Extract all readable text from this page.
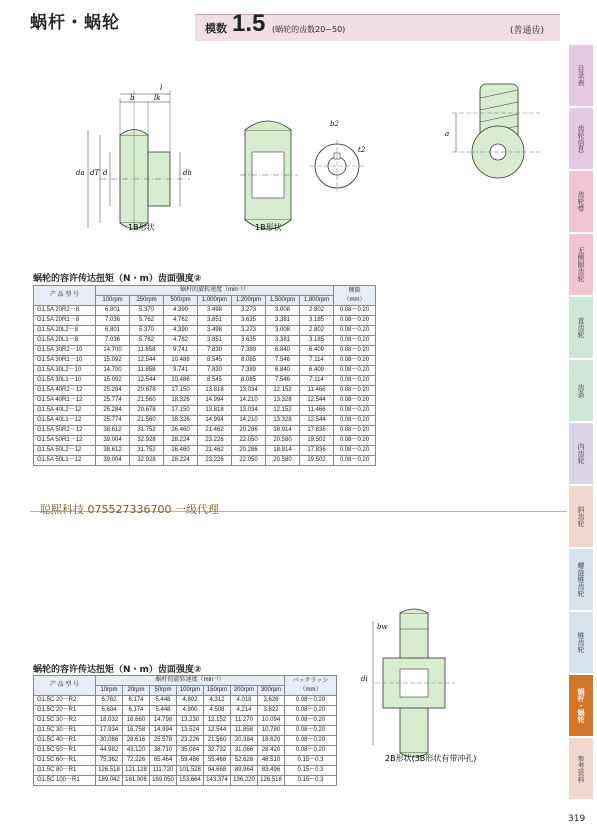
蜗杆・蜗轮	模数 1.5 (蜗轮的齿数20~50)	(普通齿)
目录表
齿轮信息
齿轮带
无侧隙齿轮
直齿轮
齿条
内齿轮
斜齿轮
螺旋锥齿轮
锥齿轮
蜗杆・蜗轮
参考资料
l
b	lk
da dT d	dh
1B形状	1B形状
b2
t2
a
蜗轮的容许传达扭矩（N・m）齿面强度②
产 品 型 号	蜗杆的旋转速度（min⁻¹）							侧隙
（mm）
	100rpm	250rpm	500rpm	1,000rpm	1,200rpm	1,500rpm	1,800rpm	
G1.5A 20R2－8	6.801	5.370	4.390	3.498	3.273	3.008	2.802	0.08～0.20
G1.5A 20R1－8	7.036	5.762	4.762	3.851	3.635	3.381	3.185	0.08～0.20
G1.5A 20L2－8	6.801	5.370	4.390	3.498	3.273	3.008	2.802	0.08～0.20
G1.5A 20L1－8	7.036	5.762	4.762	3.851	3.635	3.381	3.185	0.08～0.20
G1.5A 30R2－10	14.700	11.858	9.741	7.830	7.389	6.840	6.409	0.08～0.20
G1.5A 30R1－10	15.092	12.544	10.486	8.545	8.085	7.546	7.114	0.08～0.20
G1.5A 30L2－10	14.700	11.858	9.741	7.830	7.389	6.840	6.409	0.08～0.20
G1.5A 30L1－10	15.092	12.544	10.486	8.545	8.085	7.546	7.114	0.08～0.20
G1.5A 40R2－12	25.284	20.678	17.150	13.818	13.034	12.152	11.466	0.08～0.20
G1.5A 40R1－12	25.774	21.560	18.326	14.994	14.210	13.328	12.544	0.08～0.20
G1.5A 40L2－12	25.284	20.678	17.150	13.818	13.034	12.152	11.466	0.08～0.20
G1.5A 40L1－12	25.774	21.560	18.326	14.994	14.210	13.328	12.544	0.08～0.20
G1.5A 50R2－12	38.612	31.752	26.460	21.462	20.286	18.914	17.836	0.08～0.20
G1.5A 50R1－12	39.004	32.928	28.224	23.226	22.050	20.580	19.502	0.08～0.20
G1.5A 50L2－12	38.612	31.752	26.460	21.462	20.286	18.914	17.836	0.08～0.20
G1.5A 50L1－12	39.004	32.928	28.224	23.226	22.050	20.580	19.502	0.08～0.20
聪熙科技 075527336700 一级代理
bw
di
2B形状(3B形状有带冲孔)
蜗轮的容许传达扭矩（N・m）齿面强度②
产 品 型 号	蜗杆的旋转速度（min⁻¹）							バックラッシ
（mm）
	10rpm	20rpm	50rpm	100rpm	150rpm	200rpm	300rpm	
G1.5C 20－R2	6.762	6.174	5.448	4.802	4.312	4.018	3.626	0.08～0.20
G1.5C 20－R1	6.604	6.174	5.448	4.900	4.508	4.214	3.822	0.08～0.20
G1.5C 30－R2	18.032	16.660	14.798	13.230	12.152	11.270	10.094	0.08～0.20
G1.5C 30－R1	17.934	16.758	14.994	13.524	12.544	11.858	10.780	0.08～0.20
G1.5C 40－R1	30.086	28.616	25.578	23.226	21.560	20.384	18.620	0.08～0.20
G1.5C 50－R1	44.982	43.120	38.710	35.084	32.732	31.066	28.420	0.08～0.20
G1.5C 60－R1	75.362	72.226	65.464	59.486	55.468	52.626	48.510	0.15～0.3
G1.5C 80－R1	126.518	121.128	111.720	101.528	94.668	89.964	83.496	0.15～0.3
G1.5C 100－R1	189.042	181.006	169.050	153.664	143.374	136.220	126.518	0.15～0.3
319
